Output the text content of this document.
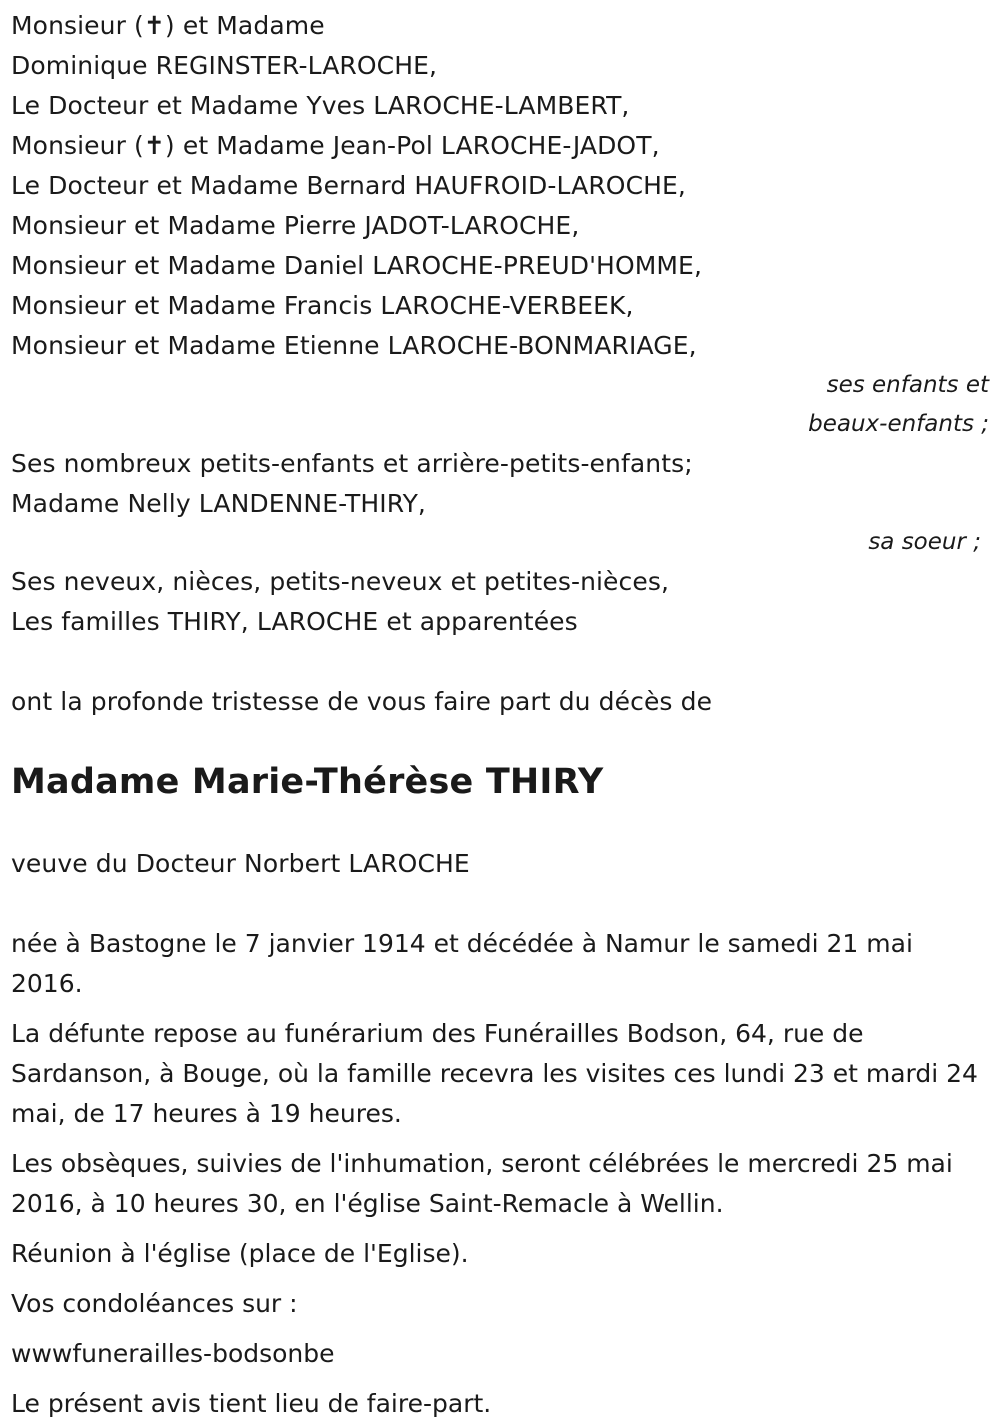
Monsieur (✝) et Madame
Dominique REGINSTER-LAROCHE,
Le Docteur et Madame Yves LAROCHE-LAMBERT,
Monsieur (✝) et Madame Jean-Pol LAROCHE-JADOT,
Le Docteur et Madame Bernard HAUFROID-LAROCHE,
Monsieur et Madame Pierre JADOT-LAROCHE,
Monsieur et Madame Daniel LAROCHE-PREUD'HOMME,
Monsieur et Madame Francis LAROCHE-VERBEEK,
Monsieur et Madame Etienne LAROCHE-BONMARIAGE,
ses enfants et
beaux-enfants ;
Ses nombreux petits-enfants et arrière-petits-enfants;
Madame Nelly LANDENNE-THIRY,
sa soeur ;
Ses neveux, nièces, petits-neveux et petites-nièces,
Les familles THIRY, LAROCHE et apparentées
ont la profonde tristesse de vous faire part du décès de
Madame Marie-Thérèse THIRY
veuve du Docteur Norbert LAROCHE
née à Bastogne le 7 janvier 1914 et décédée à Namur le samedi 21 mai 2016.
La défunte repose au funérarium des Funérailles Bodson, 64, rue de Sardanson, à Bouge, où la famille recevra les visites ces lundi 23 et mardi 24 mai, de 17 heures à 19 heures.
Les obsèques, suivies de l'inhumation, seront célébrées le mercredi 25 mai 2016, à 10 heures 30, en l'église Saint-Remacle à Wellin.
Réunion à l'église (place de l'Eglise).
Vos condoléances sur :
wwwfunerailles-bodsonbe
Le présent avis tient lieu de faire-part.
